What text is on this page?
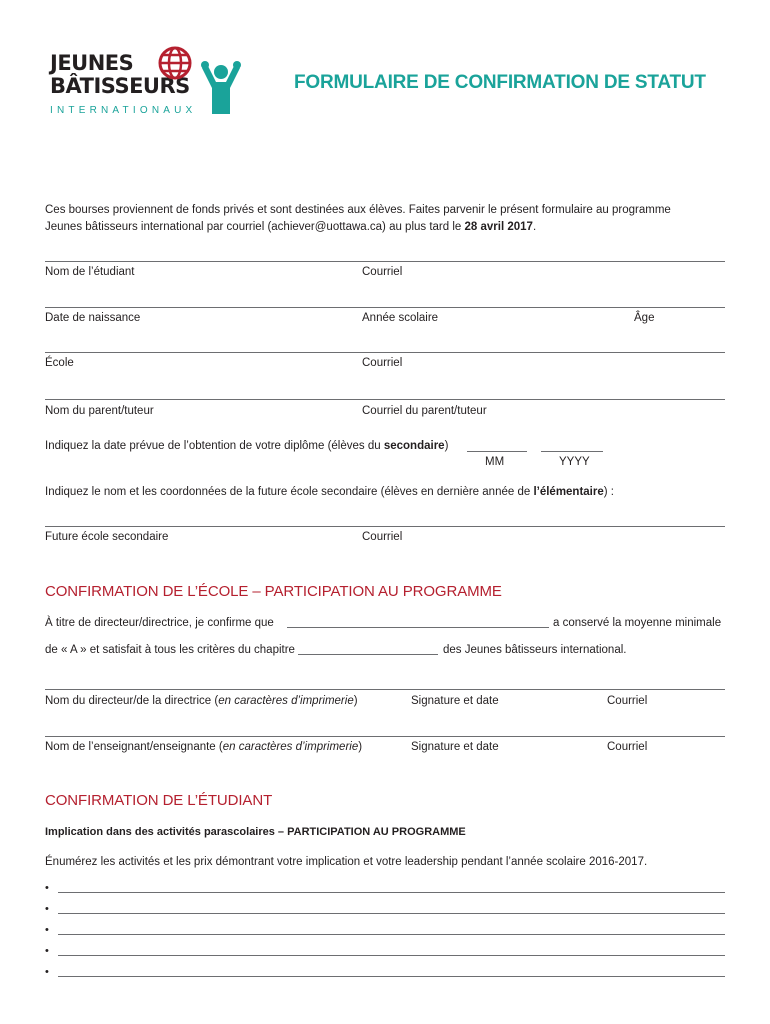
JEUNES
BÂTISSEURS
INTERNATIONAUX
FORMULAIRE DE CONFIRMATION DE STATUT
Ces bourses proviennent de fonds privés et sont destinées aux élèves. Faites parvenir le présent formulaire au programme
Jeunes bâtisseurs international par courriel (achiever@uottawa.ca) au plus tard le 28 avril 2017.
Nom de l’étudiant	Courriel
Date de naissance	Année scolaire	Âge
École	Courriel
Nom du parent/tuteur	Courriel du parent/tuteur
Indiquez la date prévue de l’obtention de votre diplôme (élèves du secondaire)
MM	YYYY
Indiquez le nom et les coordonnées de la future école secondaire (élèves en dernière année de l’élémentaire) :
Future école secondaire	Courriel
CONFIRMATION DE L’ÉCOLE – PARTICIPATION AU PROGRAMME
À titre de directeur/directrice, je confirme que	a conservé la moyenne minimale
de « A » et satisfait à tous les critères du chapitre	des Jeunes bâtisseurs international.
Nom du directeur/de la directrice (en caractères d’imprimerie)	Signature et date	Courriel
Nom de l’enseignant/enseignante (en caractères d’imprimerie)	Signature et date	Courriel
CONFIRMATION DE L’ÉTUDIANT
Implication dans des activités parascolaires – PARTICIPATION AU PROGRAMME
Énumérez les activités et les prix démontrant votre implication et votre leadership pendant l’année scolaire 2016-2017.
•
•
•
•
•
